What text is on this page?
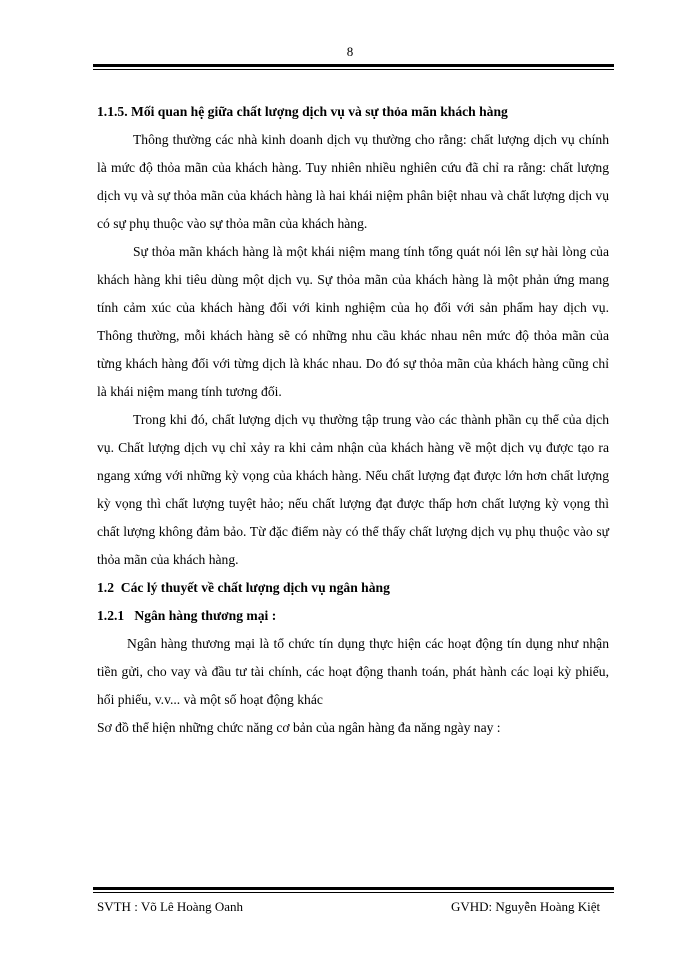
8
1.1.5. Mối quan hệ giữa chất lượng dịch vụ và sự thỏa mãn khách hàng
Thông thường các nhà kinh doanh dịch vụ thường cho rằng: chất lượng dịch vụ chính là mức độ thỏa mãn của khách hàng. Tuy nhiên nhiều nghiên cứu đã chỉ ra rằng: chất lượng dịch vụ và sự thỏa mãn của khách hàng là hai khái niệm phân biệt nhau và chất lượng dịch vụ có sự phụ thuộc vào sự thỏa mãn của khách hàng.
Sự thỏa mãn khách hàng là một khái niệm mang tính tổng quát nói lên sự hài lòng của khách hàng khi tiêu dùng một dịch vụ. Sự thỏa mãn của khách hàng là một phản ứng mang tính cảm xúc của khách hàng đối với kinh nghiệm của họ đối với sản phẩm hay dịch vụ. Thông thường, mỗi khách hàng sẽ có những nhu cầu khác nhau nên mức độ thỏa mãn của từng khách hàng đối với từng dịch là khác nhau. Do đó sự thỏa mãn của khách hàng cũng chỉ là khái niệm mang tính tương đối.
Trong khi đó, chất lượng dịch vụ thường tập trung vào các thành phần cụ thể của dịch vụ. Chất lượng dịch vụ chỉ xảy ra khi cảm nhận của khách hàng về một dịch vụ được tạo ra ngang xứng với những kỳ vọng của khách hàng. Nếu chất lượng đạt được lớn hơn chất lượng kỳ vọng thì chất lượng tuyệt hảo; nếu chất lượng đạt được thấp hơn chất lượng kỳ vọng thì chất lượng không đảm bảo. Từ đặc điểm này có thể thấy chất lượng dịch vụ phụ thuộc vào sự thỏa mãn của khách hàng.
1.2  Các lý thuyết về chất lượng dịch vụ ngân hàng
1.2.1   Ngân hàng thương mại :
Ngân hàng thương mại là tổ chức tín dụng thực hiện các hoạt động tín dụng như nhận tiền gửi, cho vay và đầu tư tài chính, các hoạt động thanh toán, phát hành các loại kỳ phiếu, hối phiếu, v.v... và một số hoạt động khác
Sơ đồ thể hiện những chức năng cơ bản của ngân hàng đa năng ngày nay :
SVTH : Võ Lê Hoàng Oanh	GVHD: Nguyễn Hoàng Kiệt
